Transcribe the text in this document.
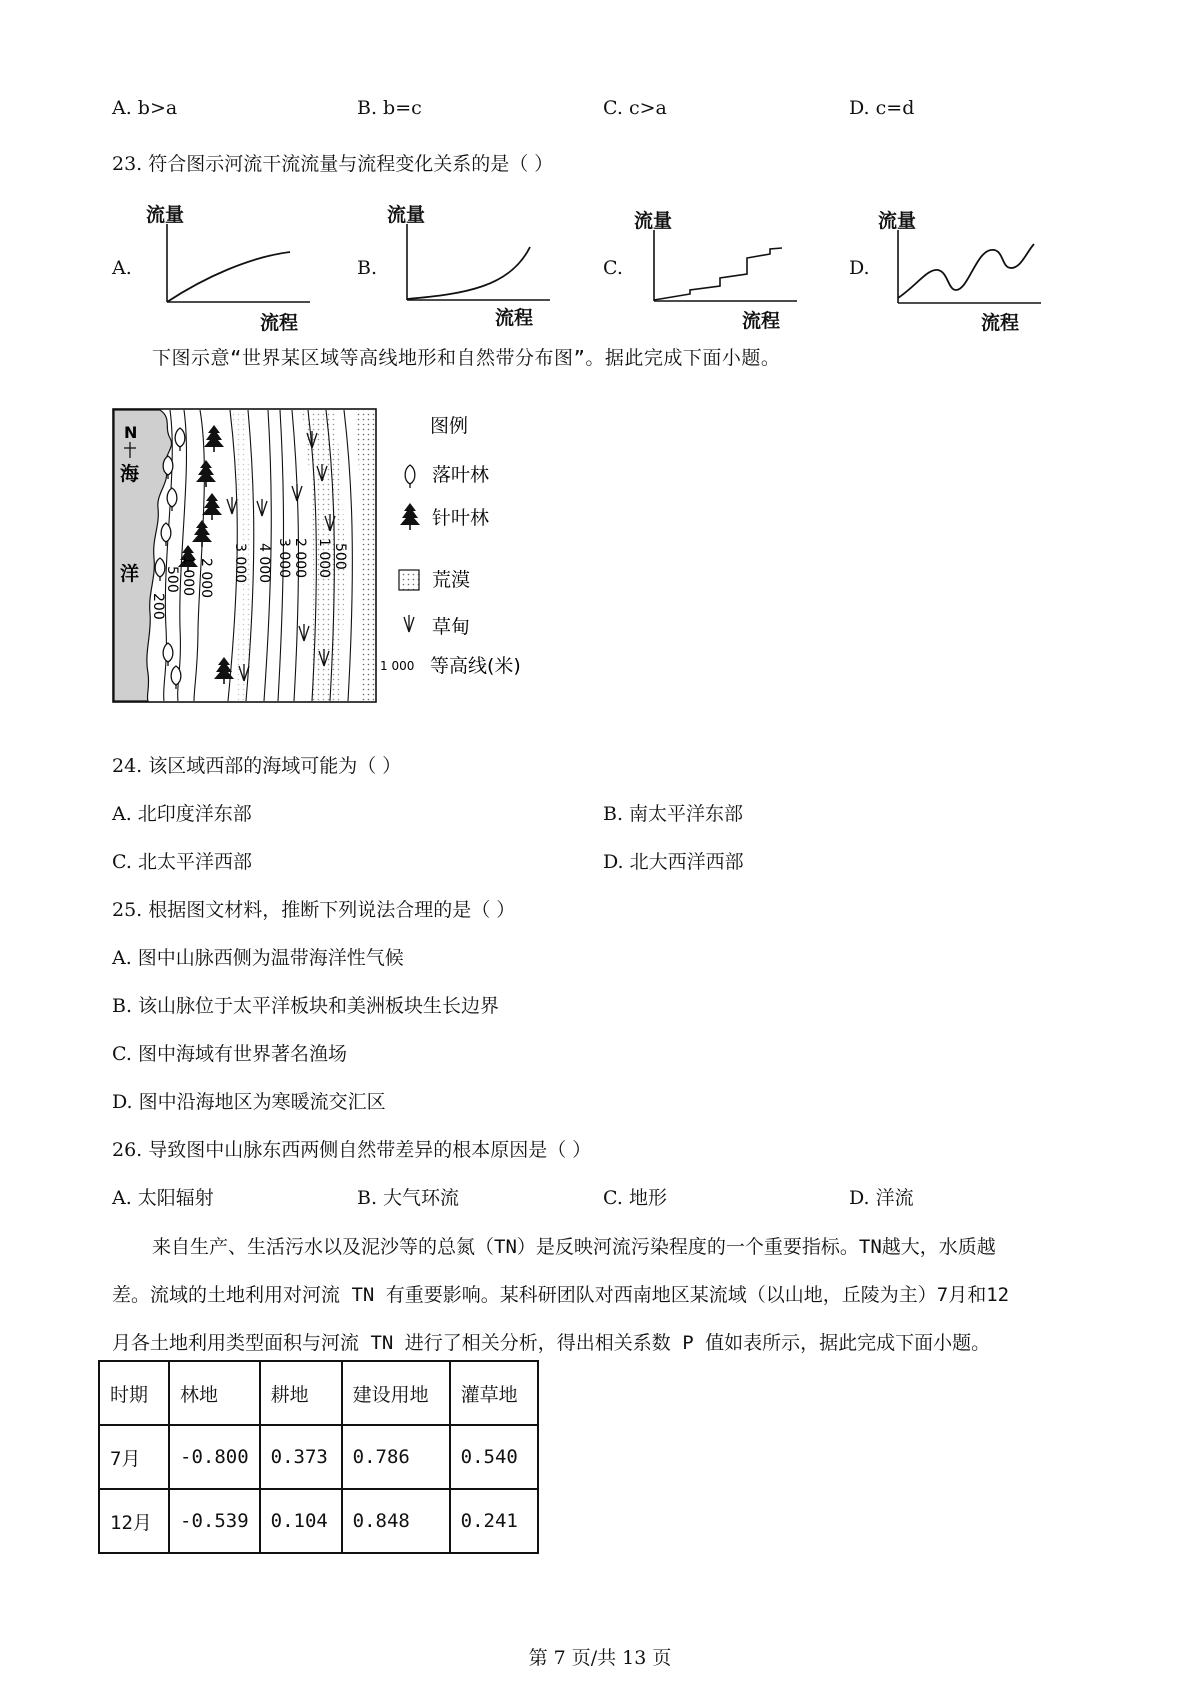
A. b>a	B. b=c	C. c>a	D. c=d
23. 符合图示河流干流流量与流程变化关系的是（ ）
A.
流量
流程
B.
流量
流程
C.
流量
流程
D.
流量
流程
下图示意“世界某区域等高线地形和自然带分布图”。据此完成下面小题。
N
海
洋
200
500 1 000 2 000 3 000 4 000 3 000 2 000 1 000 500
图例
落叶林
针叶林
荒漠
草甸
1 000 等高线(米)
24. 该区域西部的海域可能为（ ）
A. 北印度洋东部	B. 南太平洋东部
C. 北太平洋西部	D. 北大西洋西部
25. 根据图文材料，推断下列说法合理的是（ ）
A. 图中山脉西侧为温带海洋性气候
B. 该山脉位于太平洋板块和美洲板块生长边界
C. 图中海域有世界著名渔场
D. 图中沿海地区为寒暖流交汇区
26. 导致图中山脉东西两侧自然带差异的根本原因是（ ）
A. 太阳辐射	B. 大气环流	C. 地形	D. 洋流
来自生产、生活污水以及泥沙等的总氮（TN）是反映河流污染程度的一个重要指标。TN越大，水质越
差。流域的土地利用对河流 TN 有重要影响。某科研团队对西南地区某流域（以山地，丘陵为主）7月和12
月各土地利用类型面积与河流 TN 进行了相关分析，得出相关系数 P 值如表所示，据此完成下面小题。
时期	林地	耕地	建设用地	灌草地
7月	-0.800	0.373	0.786	0.540
12月	-0.539	0.104	0.848	0.241
第 7 页/共 13 页
